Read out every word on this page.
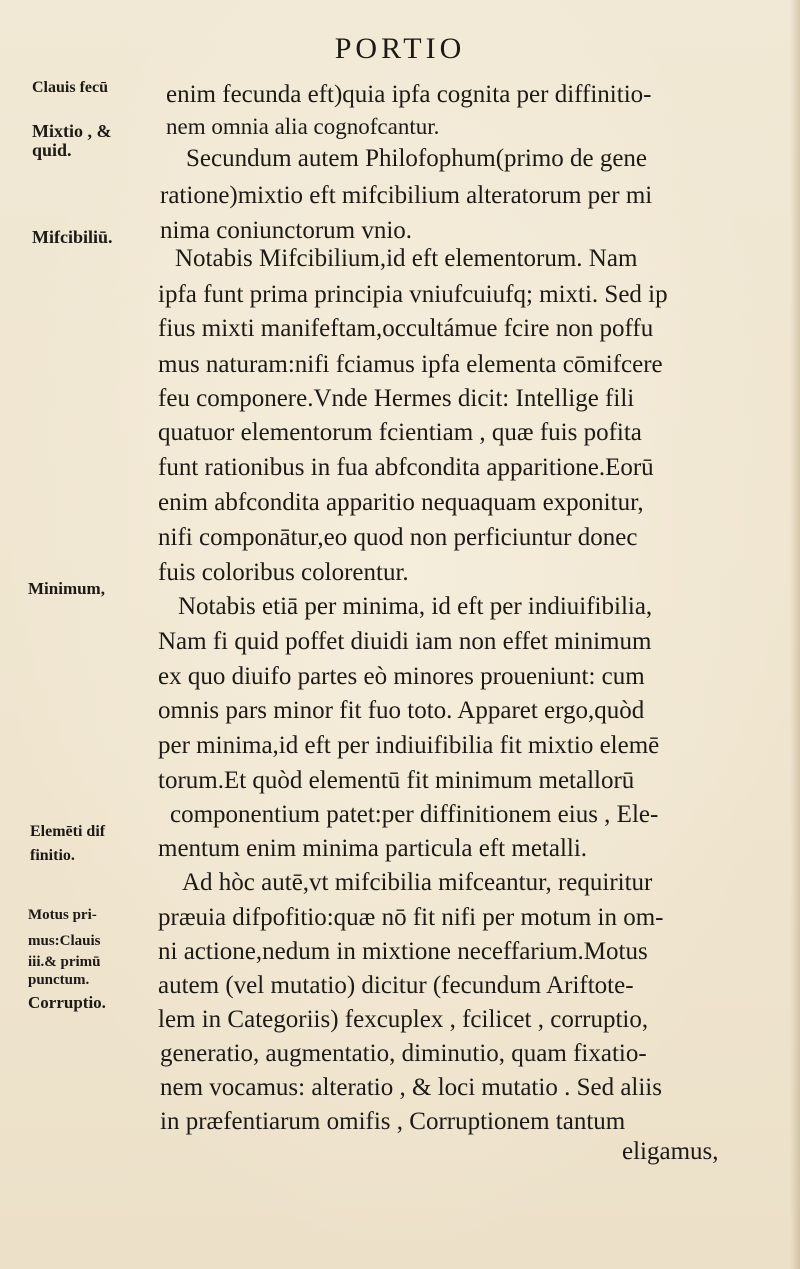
PORTIO
Clauis fecū
Mixtio , &
quid.
Mifcibiliū.
Minimum,
Elemēti dif
finitio.
Motus pri-
mus:Clauis
iii.& primū
punctum.
Corruptio.
enim fecunda eft)quia ipfa cognita per diffinitio-
nem omnia alia cognofcantur.
Secundum autem Philofophum(primo de gene
ratione)mixtio eft mifcibilium alteratorum per mi
nima coniunctorum vnio.
Notabis Mifcibilium,id eft elementorum. Nam
ipfa funt prima principia vniufcuiufq; mixti. Sed ip
fius mixti manifeftam,occultámue fcire non poffu
mus naturam:nifi fciamus ipfa elementa cōmifcere
feu componere.Vnde Hermes dicit: Intellige fili
quatuor elementorum fcientiam , quæ fuis pofita
funt rationibus in fua abfcondita apparitione.Eorū
enim abfcondita apparitio nequaquam exponitur,
nifi componātur,eo quod non perficiuntur donec
fuis coloribus colorentur.
Notabis etiā per minima, id eft per indiuifibilia,
Nam fi quid poffet diuidi iam non effet minimum
ex quo diuifo partes eò minores proueniunt: cum
omnis pars minor fit fuo toto. Apparet ergo,quòd
per minima,id eft per indiuifibilia fit mixtio elemē
torum.Et quòd elementū fit minimum metallorū
componentium patet:per diffinitionem eius , Ele-
mentum enim minima particula eft metalli.
Ad hòc autē,vt mifcibilia mifceantur, requiritur
præuia difpofitio:quæ nō fit nifi per motum in om-
ni actione,nedum in mixtione neceffarium.Motus
autem (vel mutatio) dicitur (fecundum Ariftote-
lem in Categoriis) fexcuplex , fcilicet , corruptio,
generatio, augmentatio, diminutio, quam fixatio-
nem vocamus: alteratio , & loci mutatio . Sed aliis
in præfentiarum omifis , Corruptionem tantum
eligamus,
